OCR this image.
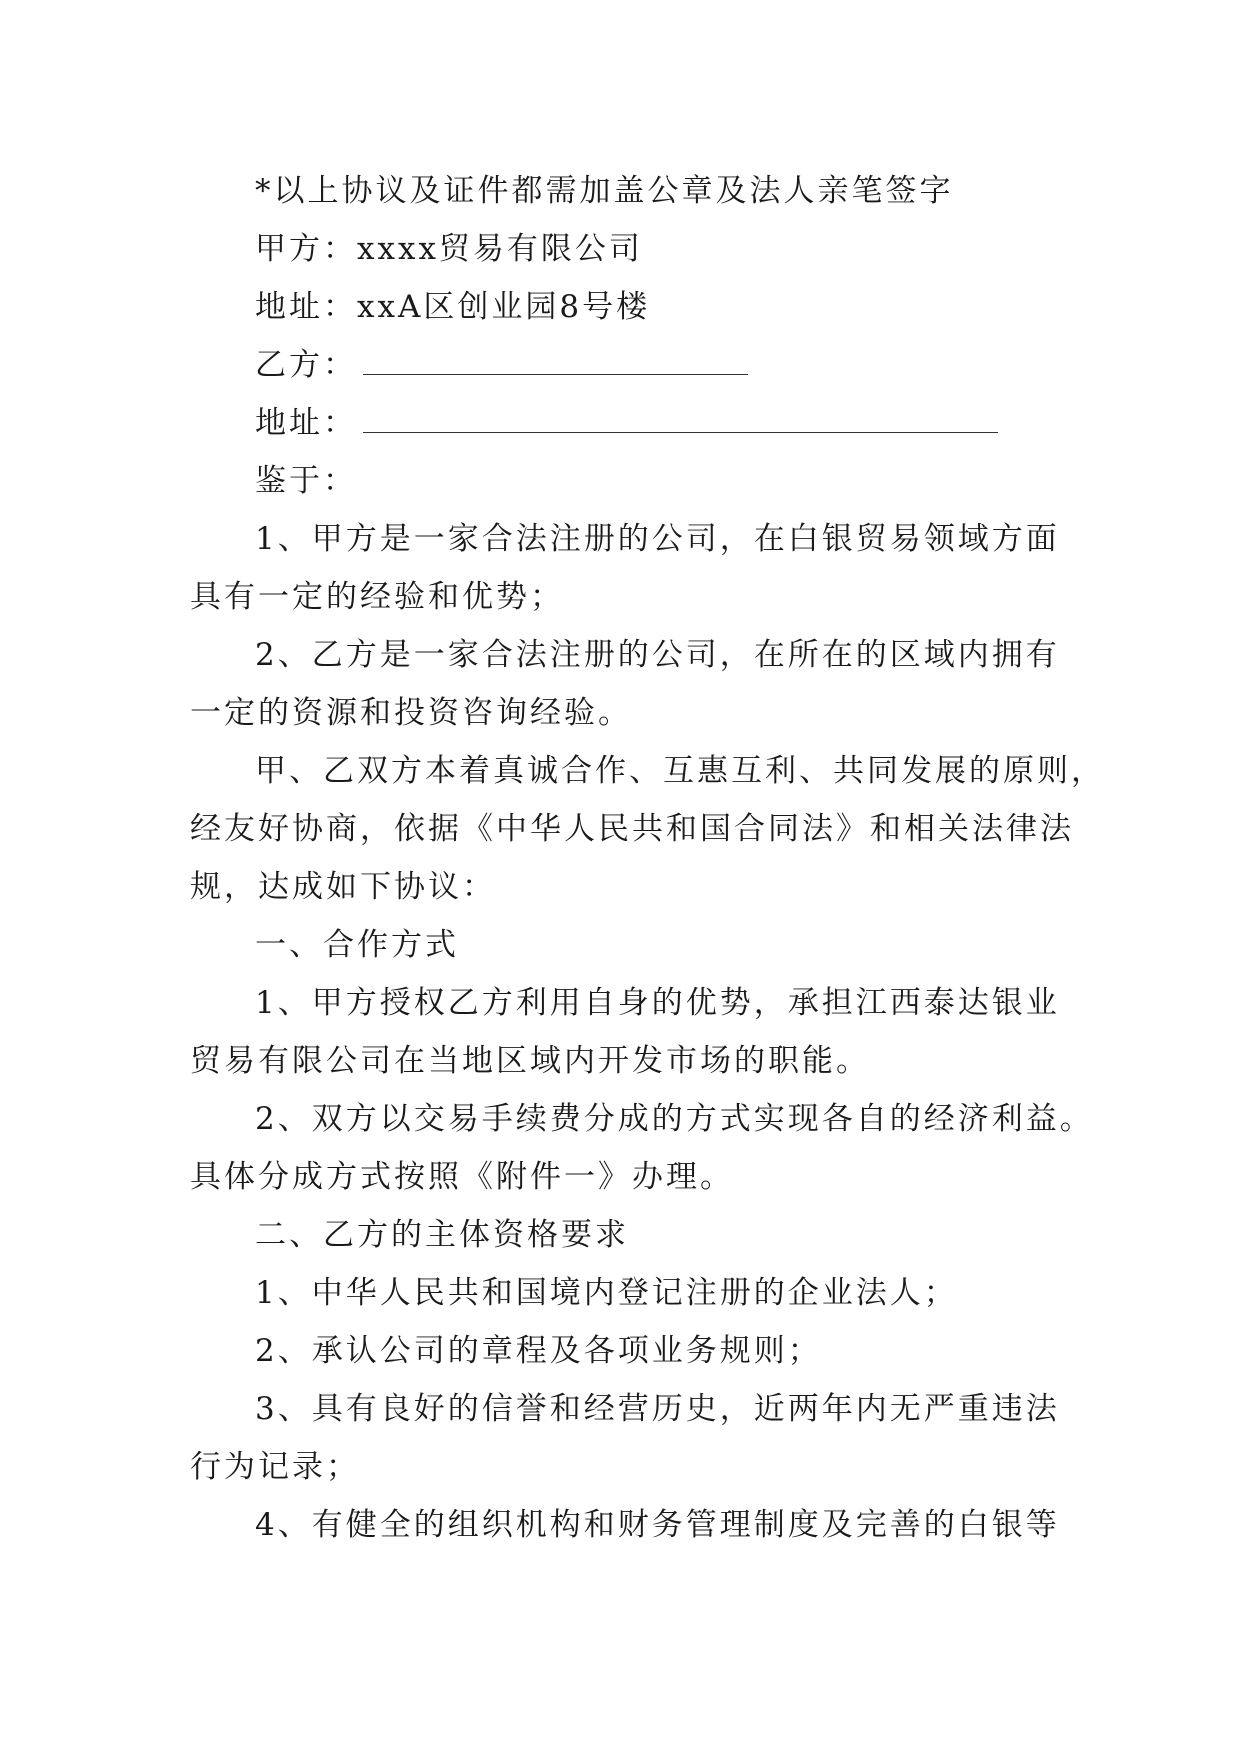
*以上协议及证件都需加盖公章及法人亲笔签字

甲方：xxxx贸易有限公司

地址：xxA区创业园8号楼

乙方：

地址：

鉴于：

1、甲方是一家合法注册的公司，在白银贸易领域方面

具有一定的经验和优势；

2、乙方是一家合法注册的公司，在所在的区域内拥有

一定的资源和投资咨询经验。

甲、乙双方本着真诚合作、互惠互利、共同发展的原则，

经友好协商，依据《中华人民共和国合同法》和相关法律法

规，达成如下协议：

一、合作方式

1、甲方授权乙方利用自身的优势，承担江西泰达银业

贸易有限公司在当地区域内开发市场的职能。

2、双方以交易手续费分成的方式实现各自的经济利益。

具体分成方式按照《附件一》办理。

二、乙方的主体资格要求

1、中华人民共和国境内登记注册的企业法人；

2、承认公司的章程及各项业务规则；

3、具有良好的信誉和经营历史，近两年内无严重违法

行为记录；

4、有健全的组织机构和财务管理制度及完善的白银等
